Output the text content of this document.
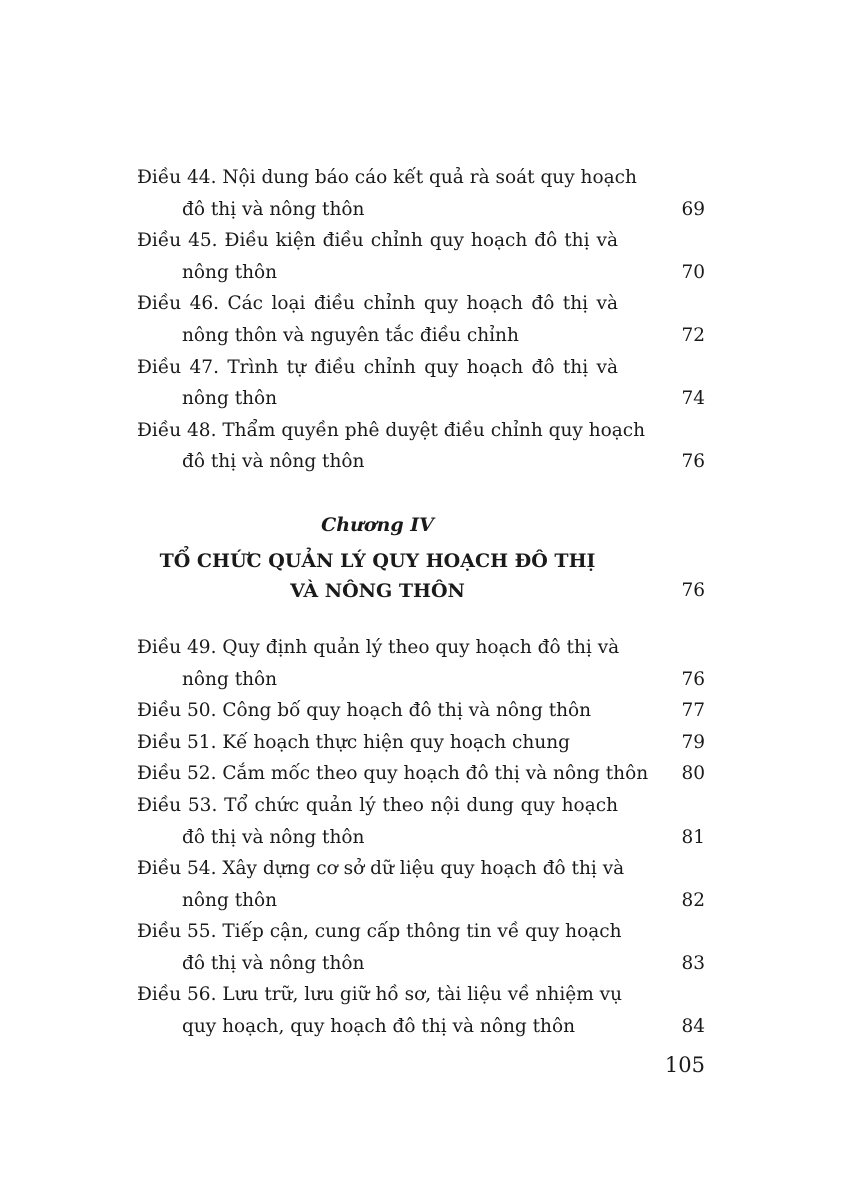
Điều 44. Nội dung báo cáo kết quả rà soát quy hoạch
đô thị và nông thôn	69
Điều 45. Điều kiện điều chỉnh quy hoạch đô thị và
nông thôn	70
Điều 46. Các loại điều chỉnh quy hoạch đô thị và
nông thôn và nguyên tắc điều chỉnh	72
Điều 47. Trình tự điều chỉnh quy hoạch đô thị và
nông thôn	74
Điều 48. Thẩm quyền phê duyệt điều chỉnh quy hoạch
đô thị và nông thôn	76
Chương IV
TỔ CHỨC QUẢN LÝ QUY HOẠCH ĐÔ THỊ
VÀ NÔNG THÔN	76
Điều 49. Quy định quản lý theo quy hoạch đô thị và
nông thôn	76
Điều 50. Công bố quy hoạch đô thị và nông thôn	77
Điều 51. Kế hoạch thực hiện quy hoạch chung	79
Điều 52. Cắm mốc theo quy hoạch đô thị và nông thôn 80
Điều 53. Tổ chức quản lý theo nội dung quy hoạch
đô thị và nông thôn	81
Điều 54. Xây dựng cơ sở dữ liệu quy hoạch đô thị và
nông thôn	82
Điều 55. Tiếp cận, cung cấp thông tin về quy hoạch
đô thị và nông thôn	83
Điều 56. Lưu trữ, lưu giữ hồ sơ, tài liệu về nhiệm vụ
quy hoạch, quy hoạch đô thị và nông thôn	84
105
